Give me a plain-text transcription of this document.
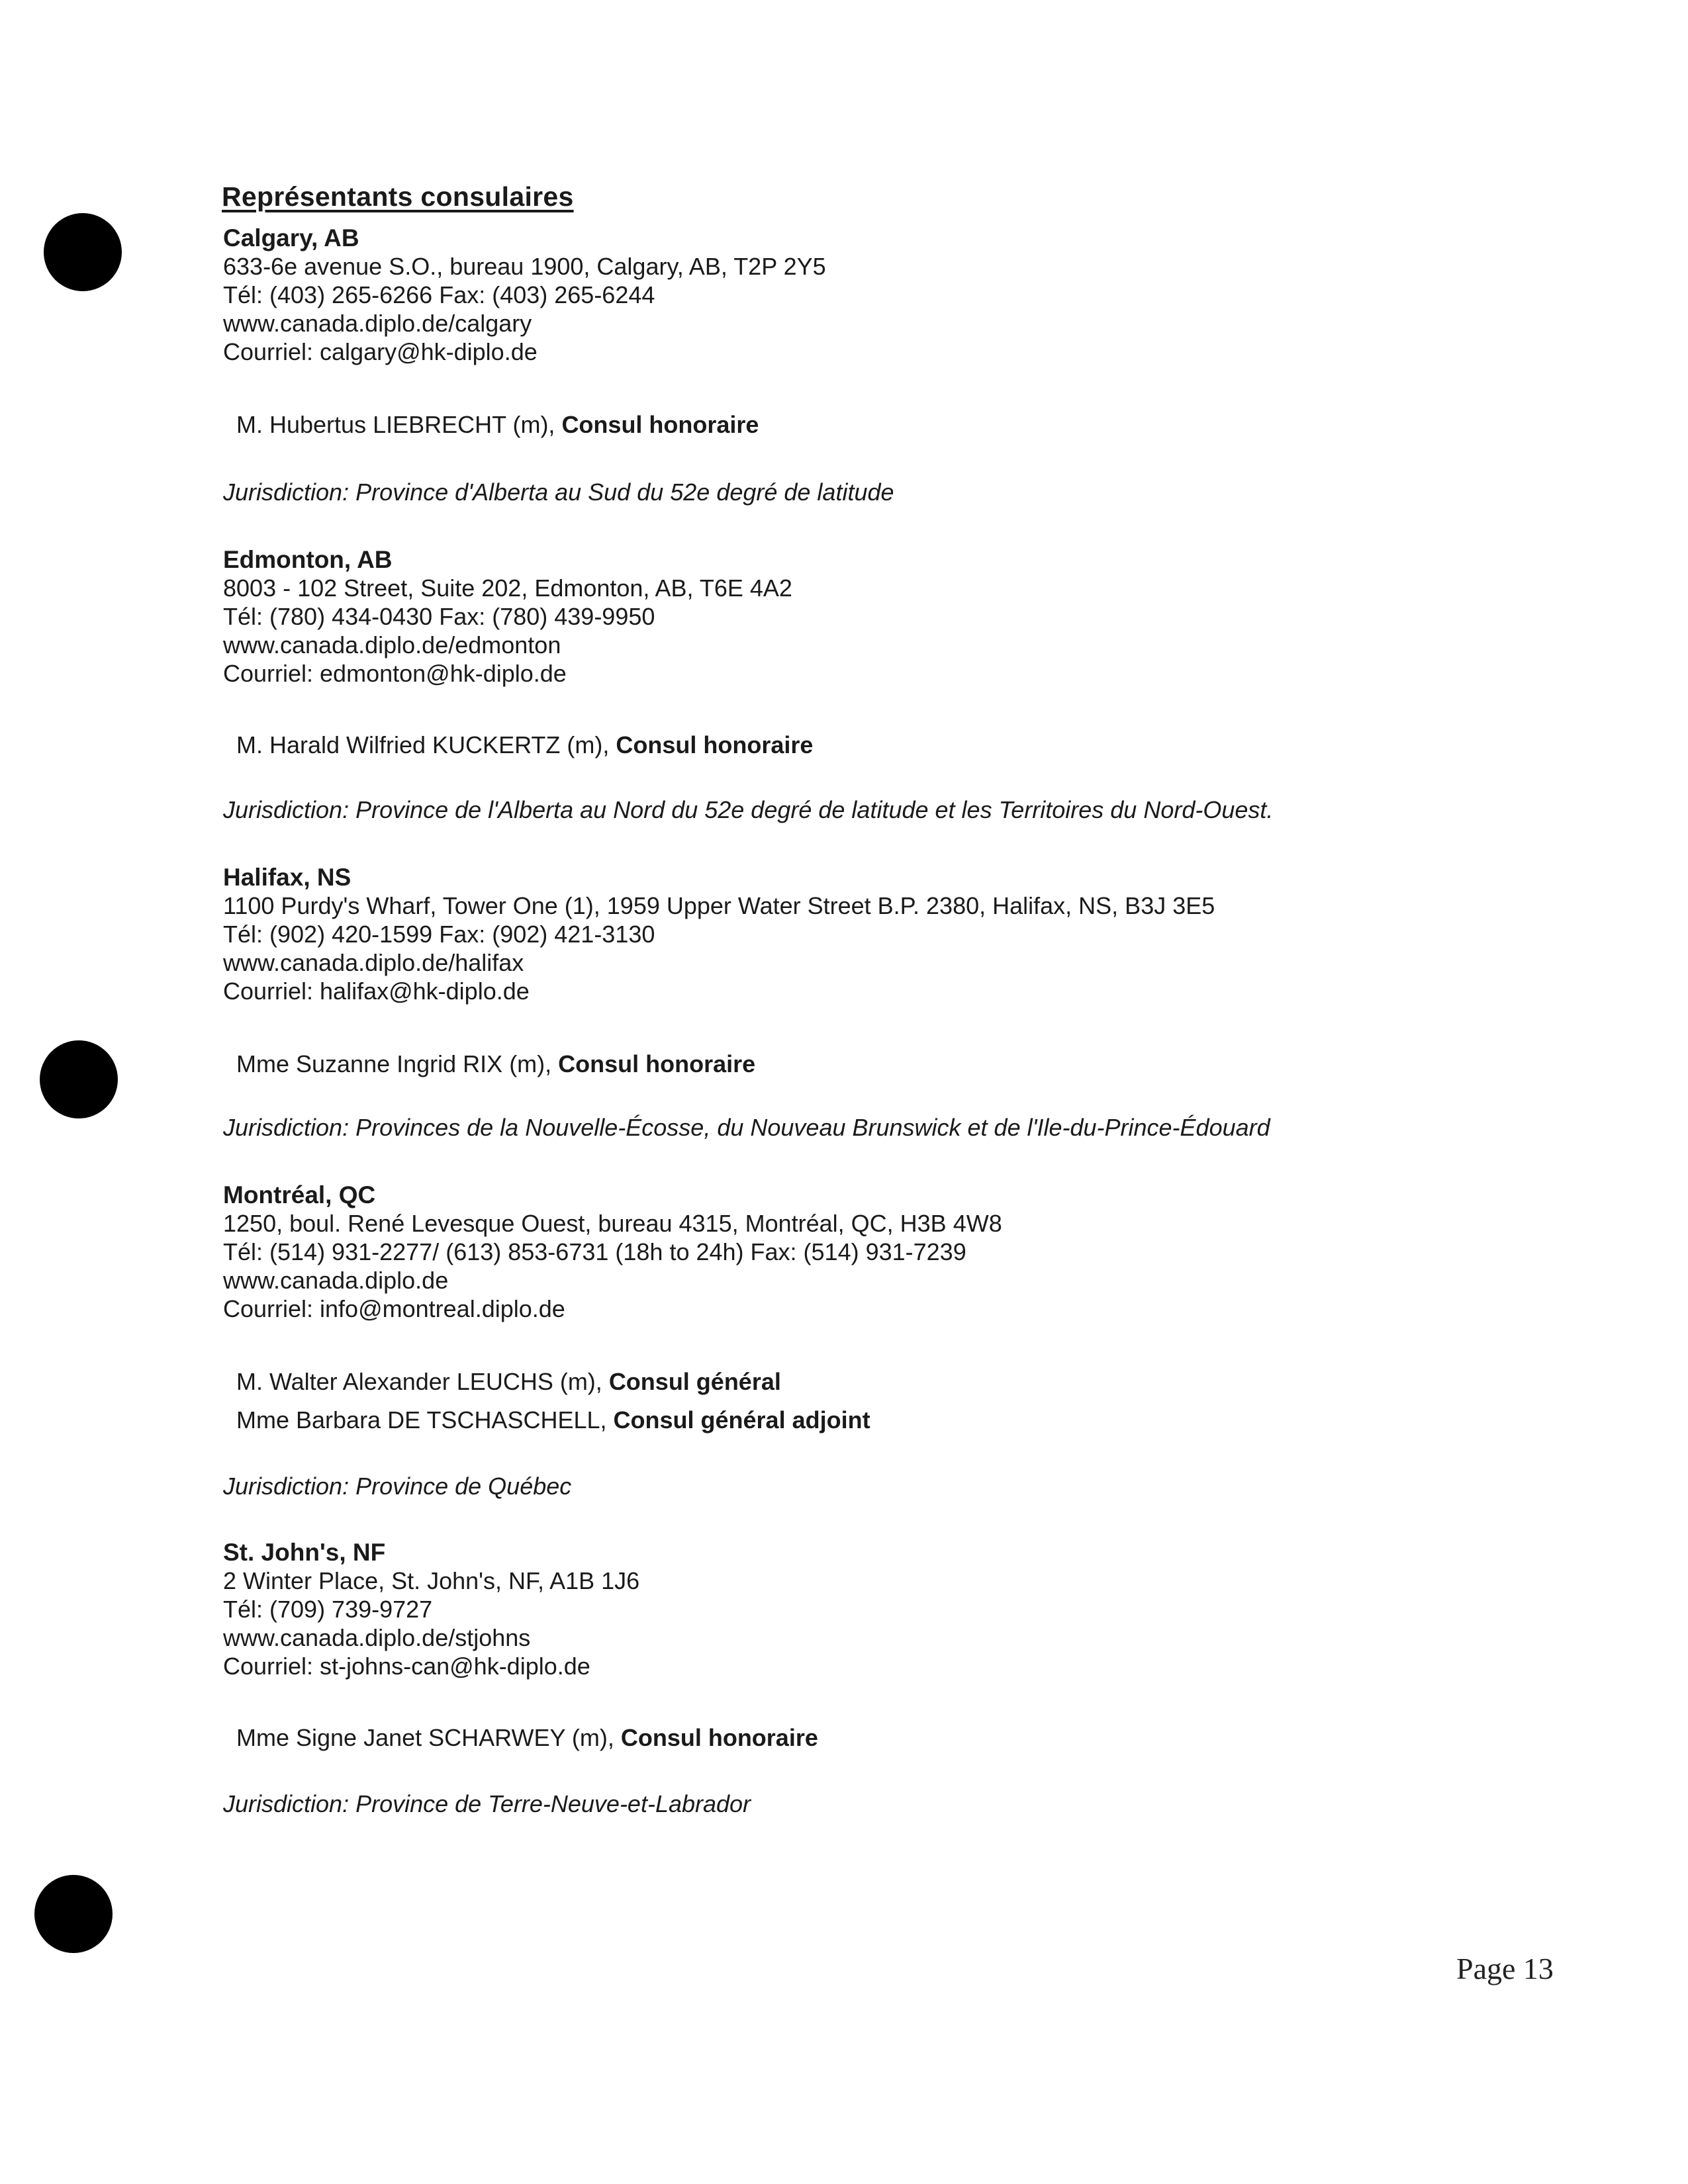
Représentants consulaires
Calgary, AB
633-6e avenue S.O., bureau 1900, Calgary, AB, T2P 2Y5
Tél: (403) 265-6266 Fax: (403) 265-6244
www.canada.diplo.de/calgary
Courriel: calgary@hk-diplo.de
M. Hubertus LIEBRECHT (m), Consul honoraire
Jurisdiction: Province d'Alberta au Sud du 52e degré de latitude
Edmonton, AB
8003 - 102 Street, Suite 202, Edmonton, AB, T6E 4A2
Tél: (780) 434-0430 Fax: (780) 439-9950
www.canada.diplo.de/edmonton
Courriel: edmonton@hk-diplo.de
M. Harald Wilfried KUCKERTZ (m), Consul honoraire
Jurisdiction: Province de l'Alberta au Nord du 52e degré de latitude et les Territoires du Nord-Ouest.
Halifax, NS
1100 Purdy's Wharf, Tower One (1), 1959 Upper Water Street B.P. 2380, Halifax, NS, B3J 3E5
Tél: (902) 420-1599 Fax: (902) 421-3130
www.canada.diplo.de/halifax
Courriel: halifax@hk-diplo.de
Mme Suzanne Ingrid RIX (m), Consul honoraire
Jurisdiction: Provinces de la Nouvelle-Écosse, du Nouveau Brunswick et de l'Ile-du-Prince-Édouard
Montréal, QC
1250, boul. René Levesque Ouest, bureau 4315, Montréal, QC, H3B 4W8
Tél: (514) 931-2277/ (613) 853-6731 (18h to 24h) Fax: (514) 931-7239
www.canada.diplo.de
Courriel: info@montreal.diplo.de
M. Walter Alexander LEUCHS (m), Consul général
Mme Barbara DE TSCHASCHELL, Consul général adjoint
Jurisdiction: Province de Québec
St. John's, NF
2 Winter Place, St. John's, NF, A1B 1J6
Tél: (709) 739-9727
www.canada.diplo.de/stjohns
Courriel: st-johns-can@hk-diplo.de
Mme Signe Janet SCHARWEY (m), Consul honoraire
Jurisdiction: Province de Terre-Neuve-et-Labrador
Page 13
